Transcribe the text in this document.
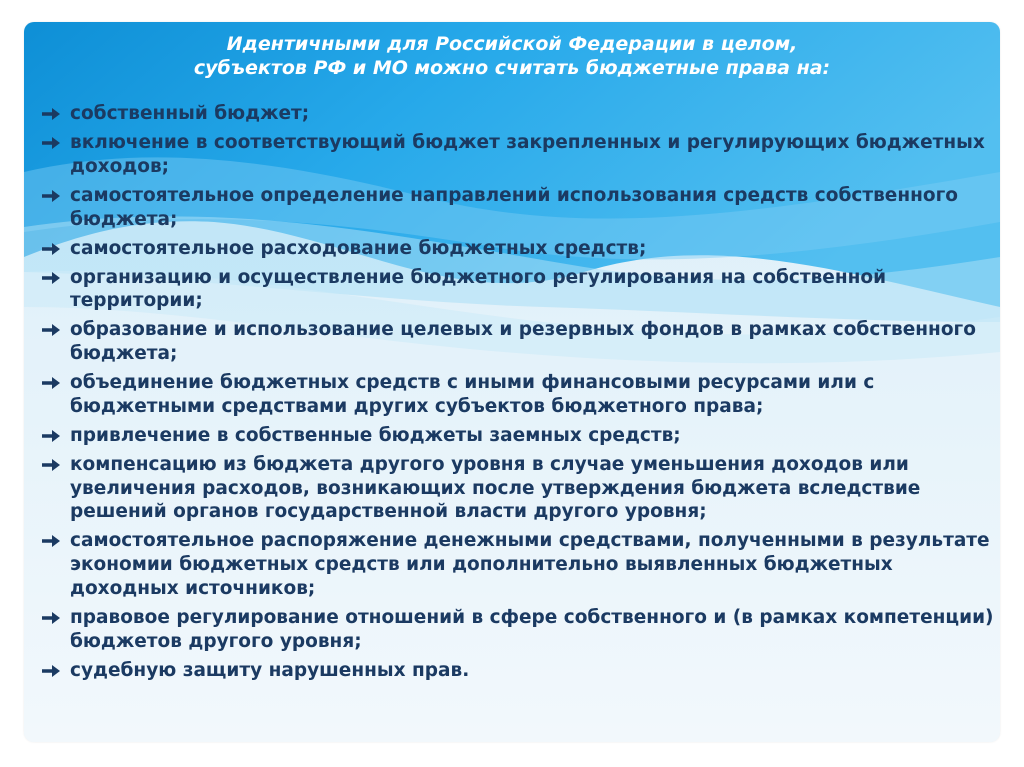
Идентичными для Российской Федерации в целом,
субъектов РФ и МО можно считать бюджетные права на:
собственный бюджет;
включение в соответствующий бюджет закрепленных и регулирующих бюджетных доходов;
самостоятельное определение направлений использования средств собственного бюджета;
самостоятельное расходование бюджетных средств;
организацию и осуществление бюджетного регулирования на собственной территории;
образование и использование целевых и резервных фондов в рамках собственного бюджета;
объединение бюджетных средств с иными финансовыми ресурсами или с бюджетными средствами других субъектов бюджетного права;
привлечение в собственные бюджеты заемных средств;
компенсацию из бюджета другого уровня в случае уменьшения доходов или увеличения расходов, возникающих после утверждения бюджета вследствие решений органов государственной власти другого уровня;
самостоятельное распоряжение денежными средствами, полученными в результате экономии бюджетных средств или дополнительно выявленных бюджетных доходных источников;
правовое регулирование отношений в сфере собственного и (в рамках компетенции) бюджетов другого уровня;
судебную защиту нарушенных прав.
